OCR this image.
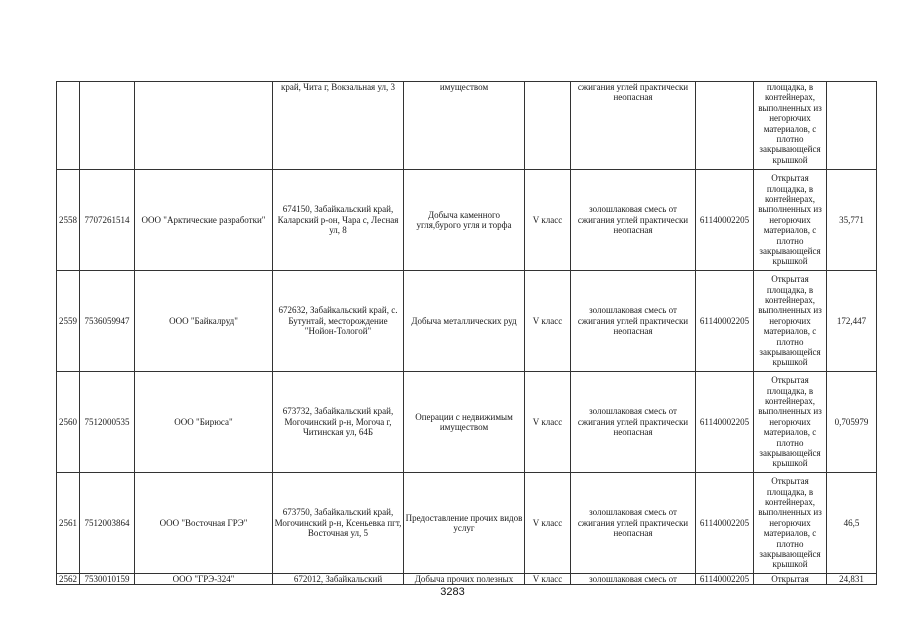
			край, Чита г, Вокзальная ул, 3	имуществом		сжигания углей практически неопасная		площадка, в контейнерах, выполненных из негорючих материалов, с плотно закрывающейся крышкой	
2558	7707261514	ООО "Арктические разработки"	674150, Забайкальский край, Каларский р-он, Чара с, Лесная ул, 8	Добыча каменного угля,бурого угля и торфа	V класс	золошлаковая смесь от сжигания углей практически неопасная	61140002205	Открытая площадка, в контейнерах, выполненных из негорючих материалов, с плотно закрывающейся крышкой	35,771
2559	7536059947	ООО "Байкалруд"	672632, Забайкальский край, с. Бутунтай, месторождение "Нойон-Тологой"	Добыча металлических руд	V класс	золошлаковая смесь от сжигания углей практически неопасная	61140002205	Открытая площадка, в контейнерах, выполненных из негорючих материалов, с плотно закрывающейся крышкой	172,447
2560	7512000535	ООО "Бирюса"	673732, Забайкальский край, Могочинский р-н, Могоча г, Читинская ул, 64Б	Операции с недвижимым имуществом	V класс	золошлаковая смесь от сжигания углей практически неопасная	61140002205	Открытая площадка, в контейнерах, выполненных из негорючих материалов, с плотно закрывающейся крышкой	0,705979
2561	7512003864	ООО "Восточная ГРЭ"	673750, Забайкальский край, Могочинский р-н, Ксеньевка пгт, Восточная ул, 5	Предоставление прочих видов услуг	V класс	золошлаковая смесь от сжигания углей практически неопасная	61140002205	Открытая площадка, в контейнерах, выполненных из негорючих материалов, с плотно закрывающейся крышкой	46,5
2562	7530010159	ООО "ГРЭ-324"	672012, Забайкальский	Добыча прочих полезных	V класс	золошлаковая смесь от	61140002205	Открытая	24,831
3283
